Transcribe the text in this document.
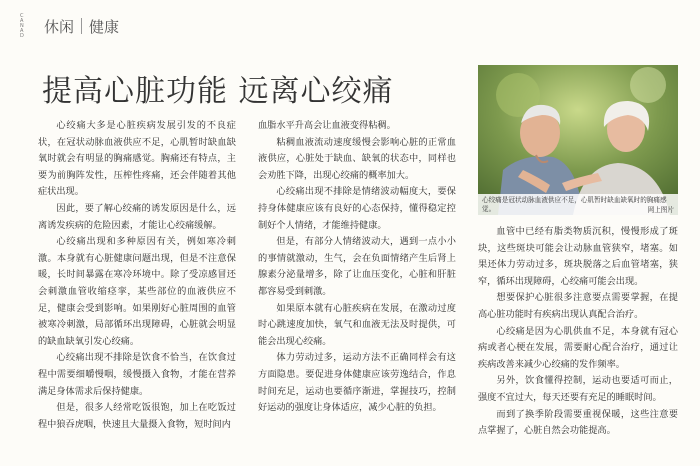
C
A
N
A
D
休闲 健康
提高心脏功能 远离心绞痛

心绞痛大多是心脏疾病发展引发的不良症状，在冠状动脉血液供应不足，心肌暂时缺血缺氧时就会有明显的胸痛感觉。胸痛还有特点，主要为前胸阵发性，压榨性疼痛，还会伴随着其他症状出现。

因此，要了解心绞痛的诱发原因是什么，远离诱发疾病的危险因素，才能让心绞痛缓解。

心绞痛出现和多种原因有关，例如寒冷刺激。本身就有心脏健康问题出现，但是不注意保暖，长时间暴露在寒冷环境中。除了受凉感冒还会刺激血管收缩痉挛，某些部位的血液供应不足，健康会受到影响。如果刚好心脏周围的血管被寒冷刺激，局部循环出现障碍，心脏就会明显的缺血缺氧引发心绞痛。

心绞痛出现不排除是饮食不恰当，在饮食过程中需要细嚼慢咽，缓慢摄入食物，才能在营养满足身体需求后保持健康。

但是，很多人经常吃饭很饱，加上在吃饭过程中狼吞虎咽，快速且大量摄入食物，短时间内

血脂水平升高会让血液变得粘稠。

粘稠血液流动速度缓慢会影响心脏的正常血液供应，心脏处于缺血、缺氧的状态中，同样也会劝胜下降，出现心绞痛的概率加大。

心绞痛出现不排除是情绪波动幅度大，要保持身体健康应该有良好的心态保持，懂得稳定控制好个人情绪，才能维持健康。

但是，有部分人情绪波动大，遇到一点小小的事情就激动，生气，会在负面情绪产生后肾上腺素分泌量增多，除了让血压变化，心脏和肝脏都容易受到刺激。

如果原本就有心脏疾病在发展，在激动过度时心跳速度加快，氧气和血液无法及时提供，可能会出现心绞痛。

体力劳动过多，运动方法不正确同样会有这方面隐患。要促进身体健康应该劳逸结合，作息时间充足，运动也要循序渐进，掌握技巧，控制好运动的强度让身体适应，减少心脏的负担。

心绞痛是冠状动脉血液供应不足，心肌暂时缺血缺氧时的胸痛感觉。	网上图片

血管中已经有脂类物质沉积，慢慢形成了斑块，这些斑块可能会让动脉血管狭窄，堵塞。如果还体力劳动过多，斑块脱落之后血管堵塞，狭窄，循环出现障碍，心绞痛可能会出现。

想要保护心脏很多注意要点需要掌握，在提高心脏功能时有疾病出现认真配合治疗。

心绞痛是因为心肌供血不足，本身就有冠心病或者心梗在发展，需要耐心配合治疗，通过让疾病改善来减少心绞痛的发作频率。

另外，饮食懂得控制，运动也要适可而止，强度不宜过大，每天还要有充足的睡眠时间。

而到了换季阶段需要重视保暖，这些注意要点掌握了，心脏自然会功能提高。
